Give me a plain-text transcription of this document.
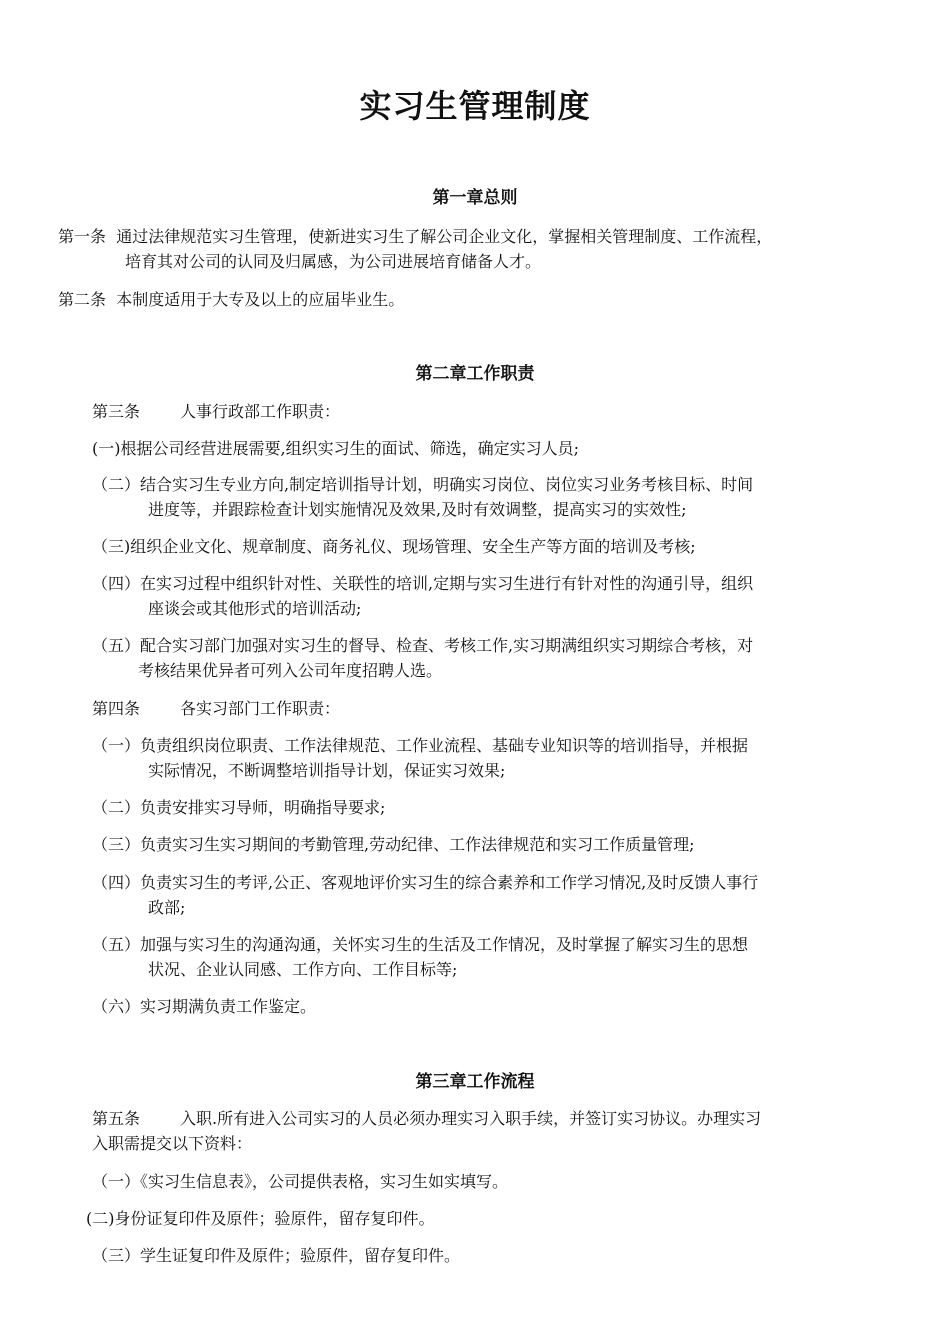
实习生管理制度
第一章总则
第一条 通过法律规范实习生管理，使新进实习生了解公司企业文化，掌握相关管理制度、工作流程，
培育其对公司的认同及归属感，为公司进展培育储备人才。
第二条 本制度适用于大专及以上的应届毕业生。
第二章工作职责
第三条	人事行政部工作职责：
(一)根据公司经营进展需要,组织实习生的面试、筛选，确定实习人员;
（二）结合实习生专业方向,制定培训指导计划，明确实习岗位、岗位实习业务考核目标、时间
进度等，并跟踪检查计划实施情况及效果,及时有效调整，提高实习的实效性;
（三)组织企业文化、规章制度、商务礼仪、现场管理、安全生产等方面的培训及考核;
（四）在实习过程中组织针对性、关联性的培训,定期与实习生进行有针对性的沟通引导，组织
座谈会或其他形式的培训活动;
（五）配合实习部门加强对实习生的督导、检查、考核工作,实习期满组织实习期综合考核，对
考核结果优异者可列入公司年度招聘人选。
第四条	各实习部门工作职责：
（一）负责组织岗位职责、工作法律规范、工作业流程、基础专业知识等的培训指导，并根据
实际情况，不断调整培训指导计划，保证实习效果;
（二）负责安排实习导师，明确指导要求;
（三）负责实习生实习期间的考勤管理,劳动纪律、工作法律规范和实习工作质量管理;
（四）负责实习生的考评,公正、客观地评价实习生的综合素养和工作学习情况,及时反馈人事行
政部;
（五）加强与实习生的沟通沟通，关怀实习生的生活及工作情况，及时掌握了解实习生的思想
状况、企业认同感、工作方向、工作目标等;
（六）实习期满负责工作鉴定。
第三章工作流程
第五条	入职.所有进入公司实习的人员必须办理实习入职手续，并签订实习协议。办理实习
入职需提交以下资料：
（一）《实习生信息表》，公司提供表格，实习生如实填写。
(二)身份证复印件及原件；验原件，留存复印件。
（三）学生证复印件及原件；验原件，留存复印件。
